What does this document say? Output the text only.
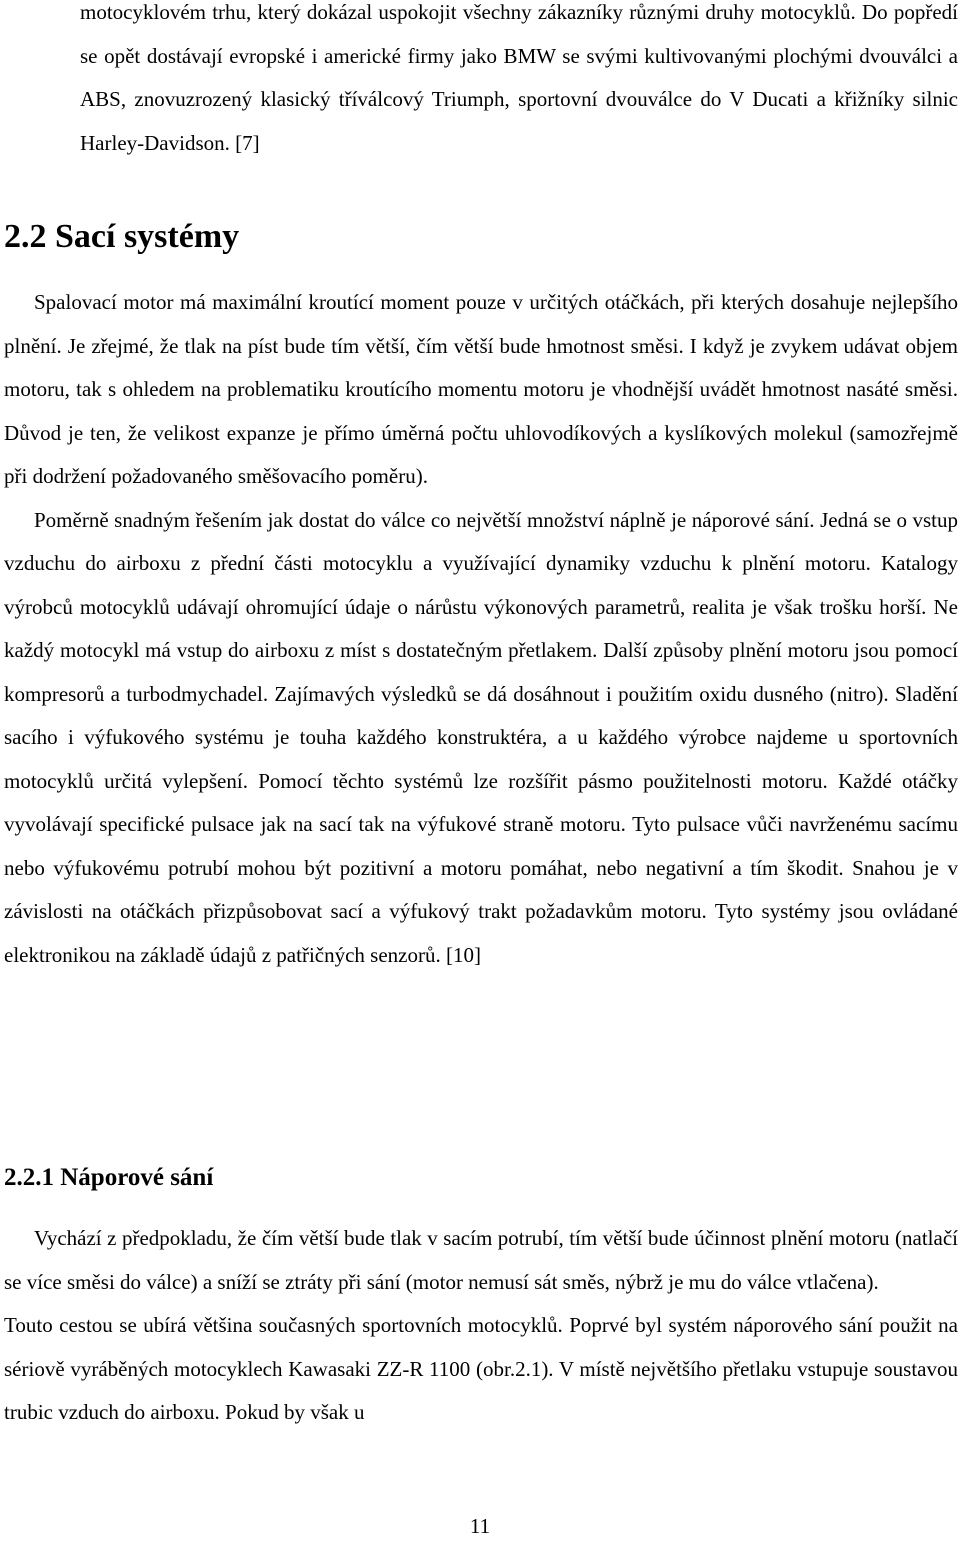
motocyklovém trhu, který dokázal uspokojit všechny zákazníky různými druhy motocyklů. Do popředí se opět dostávají evropské i americké firmy jako BMW se svými kultivovanými plochými dvouválci a ABS, znovuzrozený klasický tříválcový Triumph, sportovní dvouválce do V Ducati a křižníky silnic Harley-Davidson. [7]

2.2 Sací systémy

Spalovací motor má maximální kroutící moment pouze v určitých otáčkách, při kterých dosahuje nejlepšího plnění. Je zřejmé, že tlak na píst bude tím větší, čím větší bude hmotnost směsi. I když je zvykem udávat objem motoru, tak s ohledem na problematiku kroutícího momentu motoru je vhodnější uvádět hmotnost nasáté směsi. Důvod je ten, že velikost expanze je přímo úměrná počtu uhlovodíkových a kyslíkových molekul (samozřejmě při dodržení požadovaného směšovacího poměru).

Poměrně snadným řešením jak dostat do válce co největší množství náplně je náporové sání. Jedná se o vstup vzduchu do airboxu z přední části motocyklu a využívající dynamiky vzduchu k plnění motoru. Katalogy výrobců motocyklů udávají ohromující údaje o nárůstu výkonových parametrů, realita je však trošku horší. Ne každý motocykl má vstup do airboxu z míst s dostatečným přetlakem. Další způsoby plnění motoru jsou pomocí kompresorů a turbodmychadel. Zajímavých výsledků se dá dosáhnout i použitím oxidu dusného (nitro). Sladění sacího i výfukového systému je touha každého konstruktéra, a u každého výrobce najdeme u sportovních motocyklů určitá vylepšení. Pomocí těchto systémů lze rozšířit pásmo použitelnosti motoru. Každé otáčky vyvolávají specifické pulsace jak na sací tak na výfukové straně motoru. Tyto pulsace vůči navrženému sacímu nebo výfukovému potrubí mohou být pozitivní a motoru pomáhat, nebo negativní a tím škodit. Snahou je v závislosti na otáčkách přizpůsobovat sací a výfukový trakt požadavkům motoru. Tyto systémy jsou ovládané elektronikou na základě údajů z patřičných senzorů. [10]

2.2.1 Náporové sání

Vychází z předpokladu, že čím větší bude tlak v sacím potrubí, tím větší bude účinnost plnění motoru (natlačí se více směsi do válce) a sníží se ztráty při sání (motor nemusí sát směs, nýbrž je mu do válce vtlačena).

Touto cestou se ubírá většina současných sportovních motocyklů. Poprvé byl systém náporového sání použit na sériově vyráběných motocyklech Kawasaki ZZ-R 1100 (obr.2.1). V místě největšího přetlaku vstupuje soustavou trubic vzduch do airboxu. Pokud by však u

11
